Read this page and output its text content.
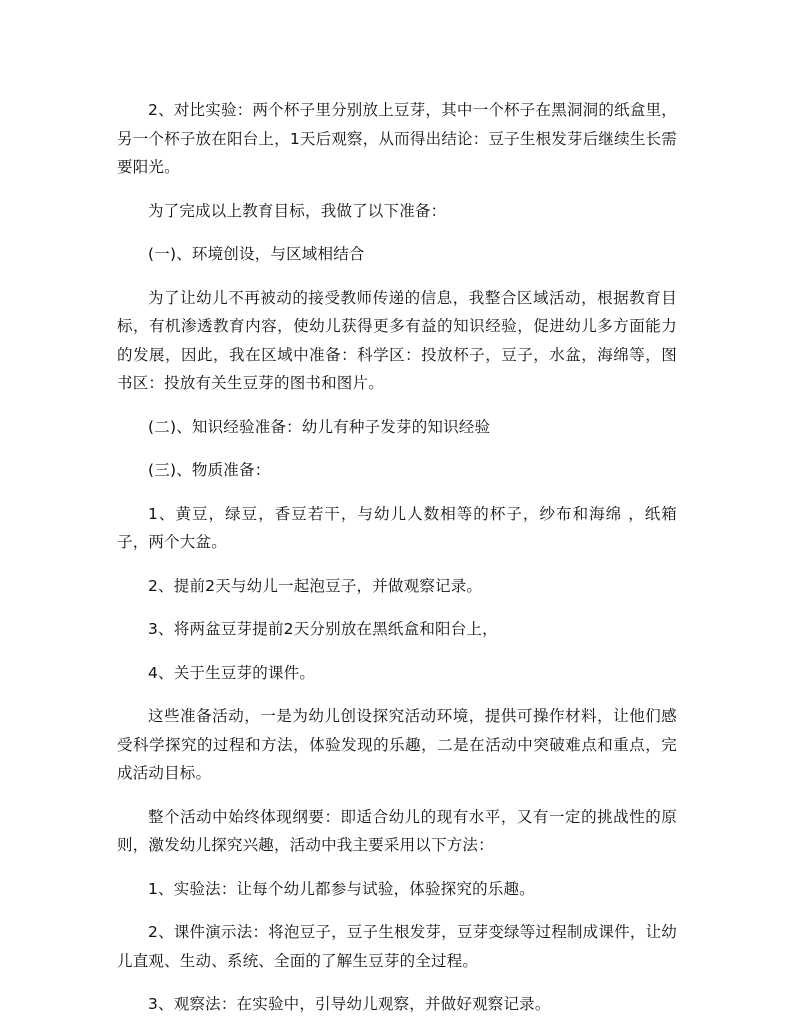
2、对比实验：两个杯子里分别放上豆芽，其中一个杯子在黑洞洞的纸盒里，另一个杯子放在阳台上，1天后观察，从而得出结论：豆子生根发芽后继续生长需要阳光。

为了完成以上教育目标，我做了以下准备：

(一)、环境创设，与区域相结合

为了让幼儿不再被动的接受教师传递的信息，我整合区域活动，根据教育目标，有机渗透教育内容，使幼儿获得更多有益的知识经验，促进幼儿多方面能力的发展，因此，我在区域中准备：科学区：投放杯子，豆子，水盆，海绵等，图书区：投放有关生豆芽的图书和图片。

(二)、知识经验准备：幼儿有种子发芽的知识经验

(三)、物质准备：

1、黄豆，绿豆，香豆若干，与幼儿人数相等的杯子，纱布和海绵 ，纸箱子，两个大盆。

2、提前2天与幼儿一起泡豆子，并做观察记录。

3、将两盆豆芽提前2天分别放在黑纸盒和阳台上，

4、关于生豆芽的课件。

这些准备活动，一是为幼儿创设探究活动环境，提供可操作材料，让他们感受科学探究的过程和方法，体验发现的乐趣，二是在活动中突破难点和重点，完成活动目标。

整个活动中始终体现纲要：即适合幼儿的现有水平，又有一定的挑战性的原则，激发幼儿探究兴趣，活动中我主要采用以下方法：

1、实验法：让每个幼儿都参与试验，体验探究的乐趣。

2、课件演示法：将泡豆子，豆子生根发芽，豆芽变绿等过程制成课件，让幼儿直观、生动、系统、全面的了解生豆芽的全过程。

3、观察法：在实验中，引导幼儿观察，并做好观察记录。
